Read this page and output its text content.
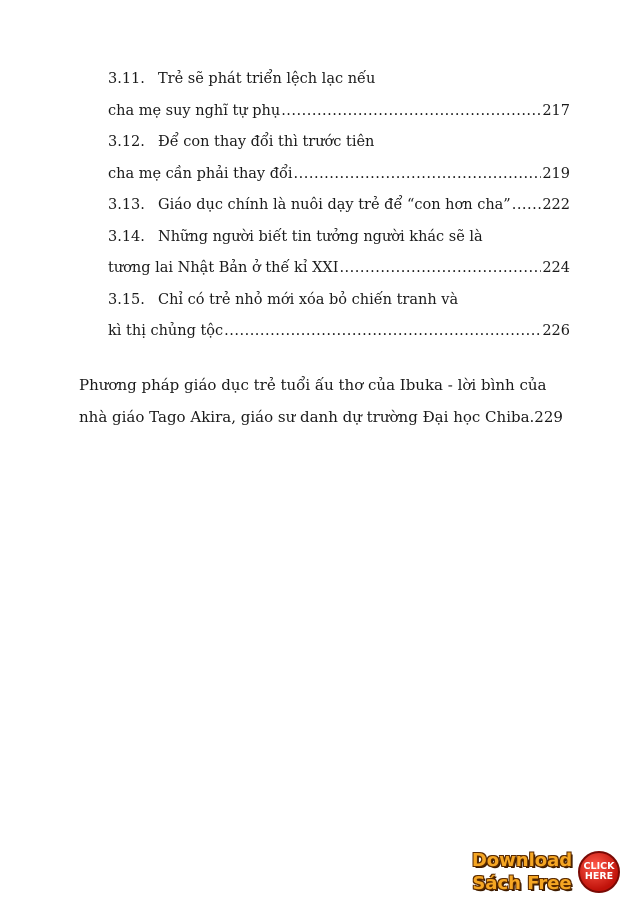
3.11. Trẻ sẽ phát triển lệch lạc nếu
cha mẹ suy nghĩ tự phụ .....	217
3.12. Để con thay đổi thì trước tiên
cha mẹ cần phải thay đổi .....	219
3.13. Giáo dục chính là nuôi dạy trẻ để “con hơn cha” ..... 222
3.14. Những người biết tin tưởng người khác sẽ là
tương lai Nhật Bản ở thế kỉ XXI .....	224
3.15. Chỉ có trẻ nhỏ mới xóa bỏ chiến tranh và
kì thị chủng tộc .....	226

Phương pháp giáo dục trẻ tuổi ấu thơ của Ibuka - lời bình của nhà giáo Tago Akira, giáo sư danh dự trường Đại học Chiba.229

Download
Sách Free
CLICK
HERE
